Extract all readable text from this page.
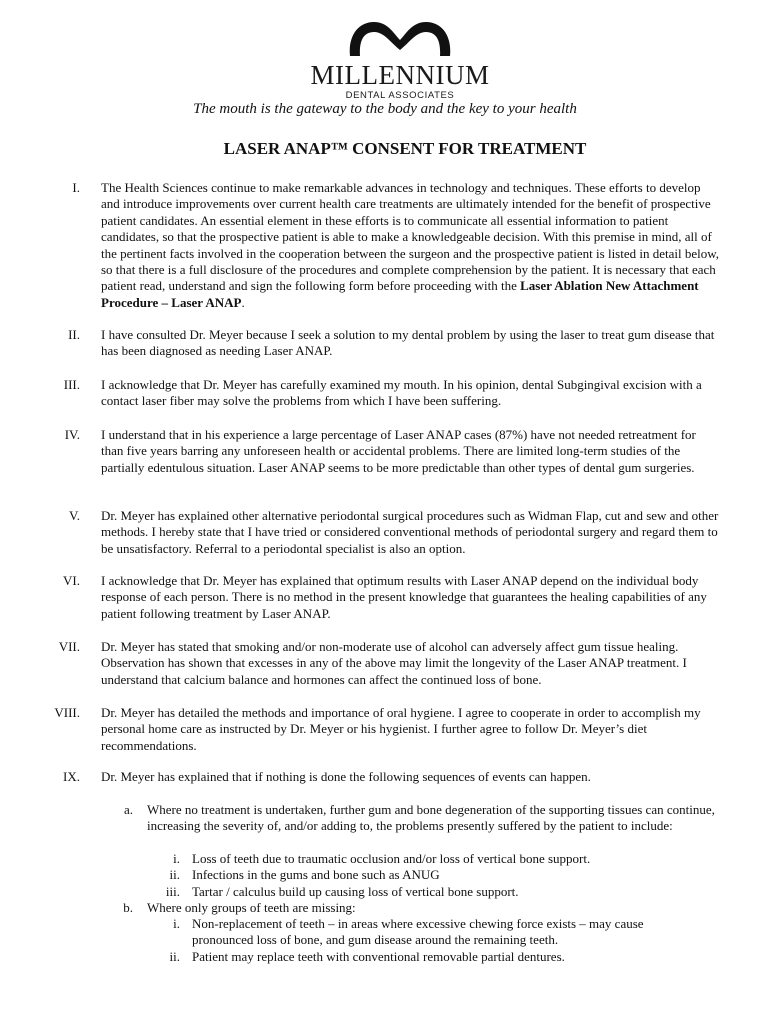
MILLENNIUM
DENTAL ASSOCIATES
The mouth is the gateway to the body and the key to your health
LASER ANAP™ CONSENT FOR TREATMENT
I. The Health Sciences continue to make remarkable advances in technology and techniques. These efforts to develop and introduce improvements over current health care treatments are ultimately intended for the benefit of prospective patient candidates. An essential element in these efforts is to communicate all essential information to patient candidates, so that the prospective patient is able to make a knowledgeable decision. With this premise in mind, all of the pertinent facts involved in the cooperation between the surgeon and the prospective patient is listed in detail below, so that there is a full disclosure of the procedures and complete comprehension by the patient. It is necessary that each patient read, understand and sign the following form before proceeding with the Laser Ablation New Attachment Procedure – Laser ANAP.
II. I have consulted Dr. Meyer because I seek a solution to my dental problem by using the laser to treat gum disease that has been diagnosed as needing Laser ANAP.
III. I acknowledge that Dr. Meyer has carefully examined my mouth. In his opinion, dental Subgingival excision with a contact laser fiber may solve the problems from which I have been suffering.
IV. I understand that in his experience a large percentage of Laser ANAP cases (87%) have not needed retreatment for than five years barring any unforeseen health or accidental problems. There are limited long-term studies of the partially edentulous situation. Laser ANAP seems to be more predictable than other types of dental gum surgeries.
V. Dr. Meyer has explained other alternative periodontal surgical procedures such as Widman Flap, cut and sew and other methods. I hereby state that I have tried or considered conventional methods of periodontal surgery and regard them to be unsatisfactory. Referral to a periodontal specialist is also an option.
VI. I acknowledge that Dr. Meyer has explained that optimum results with Laser ANAP depend on the individual body response of each person. There is no method in the present knowledge that guarantees the healing capabilities of any patient following treatment by Laser ANAP.
VII. Dr. Meyer has stated that smoking and/or non-moderate use of alcohol can adversely affect gum tissue healing. Observation has shown that excesses in any of the above may limit the longevity of the Laser ANAP treatment. I understand that calcium balance and hormones can affect the continued loss of bone.
VIII. Dr. Meyer has detailed the methods and importance of oral hygiene. I agree to cooperate in order to accomplish my personal home care as instructed by Dr. Meyer or his hygienist. I further agree to follow Dr. Meyer’s diet recommendations.
IX. Dr. Meyer has explained that if nothing is done the following sequences of events can happen.
a. Where no treatment is undertaken, further gum and bone degeneration of the supporting tissues can continue, increasing the severity of, and/or adding to, the problems presently suffered by the patient to include:
i. Loss of teeth due to traumatic occlusion and/or loss of vertical bone support.
ii. Infections in the gums and bone such as ANUG
iii. Tartar / calculus build up causing loss of vertical bone support.
b. Where only groups of teeth are missing:
i. Non-replacement of teeth – in areas where excessive chewing force exists – may cause pronounced loss of bone, and gum disease around the remaining teeth.
ii. Patient may replace teeth with conventional removable partial dentures.
